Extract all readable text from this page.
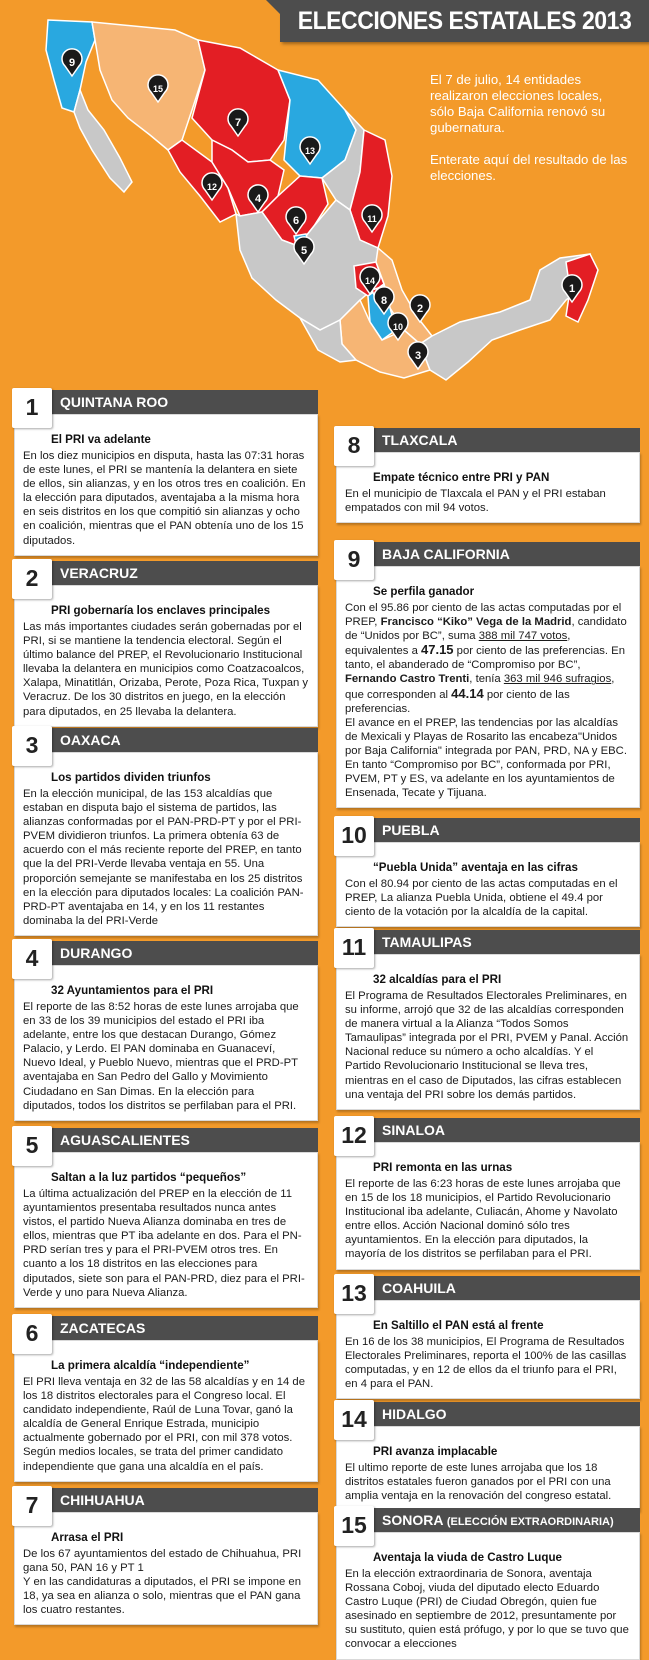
1
2
3
4
5
6
7
8
9
10
11
12
13
14
15
ELECCIONES ESTATALES 2013

El 7 de julio, 14 entidades realizaron elecciones locales, sólo Baja California renovó su gubernatura.

Enterate aquí del resultado de las elecciones.

1	QUINTANA ROO

El PRI va adelante

En los diez municipios en disputa, hasta las 07:31 horas de este lunes, el PRI se mantenía la delantera en siete de ellos, sin alianzas, y en los otros tres en coalición. En la elección para diputados, aventajaba a la misma hora en seis distritos en los que compitió sin alianzas y ocho en coalición, mientras que el PAN obtenía uno de los 15 diputados.

2	VERACRUZ

PRI gobernaría los enclaves principales

Las más importantes ciudades serán gobernadas por el PRI, si se mantiene la tendencia electoral. Según el último balance del PREP, el Revolucionario Institucional llevaba la delantera en municipios como Coatzacoalcos, Xalapa, Minatitlán, Orizaba, Perote, Poza Rica, Tuxpan y Veracruz. De los 30 distritos en juego, en la elección para diputados, en 25 llevaba la delantera.

3	OAXACA

Los partidos dividen triunfos

En la elección municipal, de las 153 alcaldías que estaban en disputa bajo el sistema de partidos, las alianzas conformadas por el PAN-PRD-PT y por el PRI-PVEM dividieron triunfos. La primera obtenía 63 de acuerdo con el más reciente reporte del PREP, en tanto que la del PRI-Verde llevaba ventaja en 55. Una proporción semejante se manifestaba en los 25 distritos en la elección para diputados locales: La coalición PAN-PRD-PT aventajaba en 14, y en los 11 restantes dominaba la del PRI-Verde

4	DURANGO

32 Ayuntamientos para el PRI

El reporte de las 8:52 horas de este lunes arrojaba que en 33 de los 39 municipios del estado el PRI iba adelante, entre los que destacan Durango, Gómez Palacio, y Lerdo. El PAN dominaba en Guanaceví, Nuevo Ideal, y Pueblo Nuevo, mientras que el PRD-PT aventajaba en San Pedro del Gallo y Movimiento Ciudadano en San Dimas. En la elección para diputados, todos los distritos se perfilaban para el PRI.

5	AGUASCALIENTES

Saltan a la luz partidos “pequeños”

La última actualización del PREP en la elección de 11 ayuntamientos presentaba resultados nunca antes vistos, el partido Nueva Alianza dominaba en tres de ellos, mientras que PT iba adelante en dos. Para el PN-PRD serían tres y para el PRI-PVEM otros tres. En cuanto a los 18 distritos en las elecciones para diputados, siete son para el PAN-PRD, diez para el PRI-Verde y uno para Nueva Alianza.

6	ZACATECAS

La primera alcaldía “independiente”

El PRI lleva ventaja en 32 de las 58 alcaldías y en 14 de los 18 distritos electorales para el Congreso local. El candidato independiente, Raúl de Luna Tovar, ganó la alcaldía de General Enrique Estrada, municipio actualmente gobernado por el PRI, con mil 378 votos. Según medios locales, se trata del primer candidato independiente que gana una alcaldía en el país.

7	CHIHUAHUA

Arrasa el PRI

De los 67 ayuntamientos del estado de Chihuahua, PRI gana 50, PAN 16 y PT 1
Y en las candidaturas a diputados, el PRI se impone en 18, ya sea en alianza o solo, mientras que el PAN gana los cuatro restantes.

8	TLAXCALA

Empate técnico entre PRI y PAN

En el municipio de Tlaxcala el PAN y el PRI estaban empatados con mil 94 votos.

9	BAJA CALIFORNIA

Se perfila ganador

Con el 95.86 por ciento de las actas computadas por el PREP, Francisco “Kiko” Vega de la Madrid, candidato de “Unidos por BC”, suma 388 mil 747 votos, equivalentes a 47.15 por ciento de las preferencias. En tanto, el abanderado de “Compromiso por BC”, Fernando Castro Trenti, tenía 363 mil 946 sufragios, que corresponden al 44.14 por ciento de las preferencias.

El avance en el PREP, las tendencias por las alcaldías de Mexicali y Playas de Rosarito las encabeza"Unidos por Baja California" integrada por PAN, PRD, NA y EBC. En tanto “Compromiso por BC”, conformada por PRI, PVEM, PT y ES, va adelante en los ayuntamientos de Ensenada, Tecate y Tijuana.

10	PUEBLA

“Puebla Unida” aventaja en las cifras

Con el 80.94 por ciento de las actas computadas en el PREP, La alianza Puebla Unida, obtiene el 49.4 por ciento de la votación por la alcaldía de la capital.

11	TAMAULIPAS

32 alcaldías para el PRI

El Programa de Resultados Electorales Preliminares, en su informe, arrojó que 32 de las alcaldías corresponden de manera virtual a la Alianza “Todos Somos Tamaulipas” integrada por el PRI, PVEM y Panal. Acción Nacional reduce su número a ocho alcaldías. Y el Partido Revolucionario Institucional se lleva tres, mientras en el caso de Diputados, las cifras establecen una ventaja del PRI sobre los demás partidos.

12	SINALOA

PRI remonta en las urnas

El reporte de las 6:23 horas de este lunes arrojaba que en 15 de los 18 municipios, el Partido Revolucionario Institucional iba adelante, Culiacán, Ahome y Navolato entre ellos. Acción Nacional dominó sólo tres ayuntamientos. En la elección para diputados, la mayoría de los distritos se perfilaban para el PRI.

13	COAHUILA

En Saltillo el PAN está al frente

En 16 de los 38 municipios, El Programa de Resultados Electorales Preliminares, reporta el 100% de las casillas computadas, y en 12 de ellos da el triunfo para el PRI, en 4 para el PAN.

14	HIDALGO

PRI avanza implacable

El ultimo reporte de este lunes arrojaba que los 18 distritos estatales fueron ganados por el PRI con una amplia ventaja en la renovación del congreso estatal.

15	SONORA (ELECCIÓN EXTRAORDINARIA)

Aventaja la viuda de Castro Luque

En la elección extraordinaria de Sonora, aventaja Rossana Coboj, viuda del diputado electo Eduardo Castro Luque (PRI) de Ciudad Obregón, quien fue asesinado en septiembre de 2012, presuntamente por su sustituto, quien está prófugo, y por lo que se tuvo que convocar a elecciones
